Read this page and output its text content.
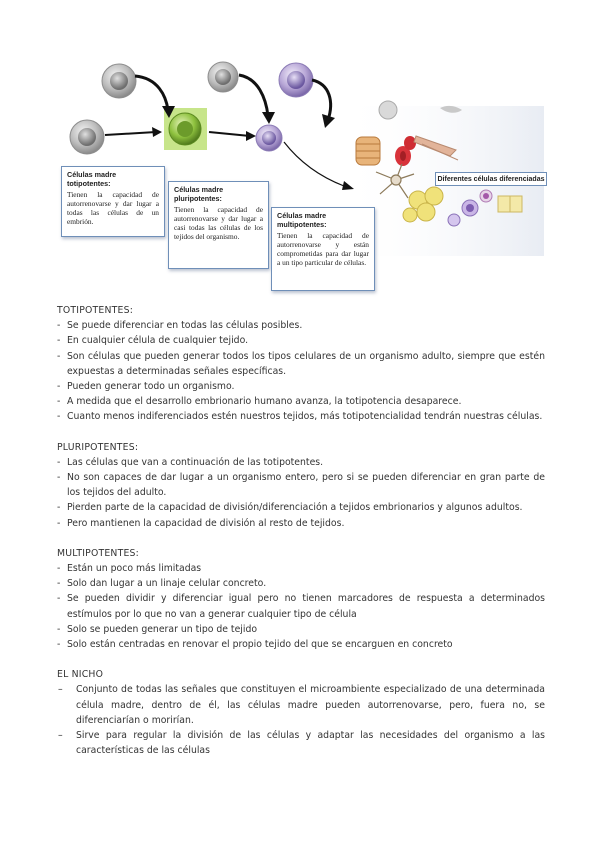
Células madre totipotentes:
Tienen la capacidad de autorrenovarse y dar lugar a todas las células de un embrión.
Células madre pluripotentes:
Tienen la capacidad de autorrenovarse y dar lugar a casi todas las células de los tejidos del organismo.
Células madre multipotentes:
Tienen la capacidad de autorrenovarse y están comprometidas para dar lugar a un tipo particular de células.
Diferentes células diferenciadas
TOTIPOTENTES:
- Se puede diferenciar en todas las células posibles.
- En cualquier célula de cualquier tejido.
- Son células que pueden generar todos los tipos celulares de un organismo adulto, siempre que estén expuestas a determinadas señales específicas.
- Pueden generar todo un organismo.
- A medida que el desarrollo embrionario humano avanza, la totipotencia desaparece.
- Cuanto menos indiferenciados estén nuestros tejidos, más totipotencialidad tendrán nuestras células.
PLURIPOTENTES:
- Las células que van a continuación de las totipotentes.
- No son capaces de dar lugar a un organismo entero, pero si se pueden diferenciar en gran parte de los tejidos del adulto.
- Pierden parte de la capacidad de división/diferenciación a tejidos embrionarios y algunos adultos.
- Pero mantienen la capacidad de división al resto de tejidos.
MULTIPOTENTES:
- Están un poco más limitadas
- Solo dan lugar a un linaje celular concreto.
- Se pueden dividir y diferenciar igual pero no tienen marcadores de respuesta a determinados estímulos por lo que no van a generar cualquier tipo de célula
- Solo se pueden generar un tipo de tejido
- Solo están centradas en renovar el propio tejido del que se encarguen en concreto
EL NICHO
– Conjunto de todas las señales que constituyen el microambiente especializado de una determinada célula madre, dentro de él, las células madre pueden autorrenovarse, pero, fuera no, se diferenciarían o morirían.
– Sirve para regular la división de las células y adaptar las necesidades del organismo a las características de las células
